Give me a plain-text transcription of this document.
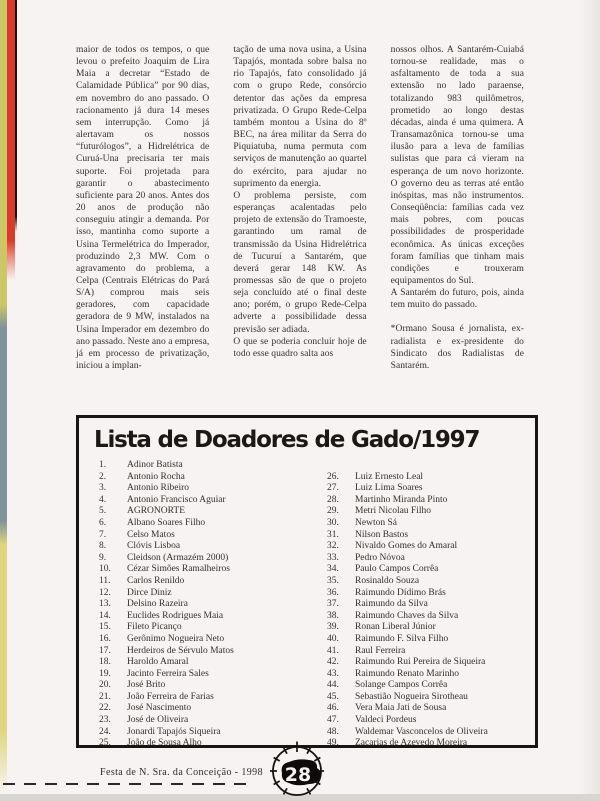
maior de todos os tempos, o que levou o prefeito Joaquim de Lira Maia a decretar “Estado de Calamidade Pública” por 90 dias, em novembro do ano passado. O racionamento já dura 14 meses sem interrupção. Como já alertavam os nossos “futurólogos”, a Hidrelétrica de Curuá-Una precisaria ter mais suporte. Foi projetada para garantir o abastecimento suficiente para 20 anos. Antes dos 20 anos de produção não conseguiu atingir a demanda. Por isso, mantinha como suporte a Usina Termelétrica do Imperador, produzindo 2,3 MW. Com o agravamento do problema, a Celpa (Centrais Elétricas do Pará S/A) comprou mais seis geradores, com capacidade geradora de 9 MW, instalados na Usina Imperador em dezembro do ano passado. Neste ano a empresa, já em processo de privatização, iniciou a implan-

tação de uma nova usina, a Usina Tapajós, montada sobre balsa no rio Tapajós, fato consolidado já com o grupo Rede, consórcio detentor das ações da empresa privatizada. O Grupo Rede-Celpa também montou a Usina do 8º BEC, na área militar da Serra do Piquiatuba, numa permuta com serviços de manutenção ao quartel do exército, para ajudar no suprimento da energia.

O problema persiste, com esperanças acalentadas pelo projeto de extensão do Tramoeste, garantindo um ramal de transmissão da Usina Hidrelétrica de Tucuruí a Santarém, que deverá gerar 148 KW. As promessas são de que o projeto seja concluído até o final deste ano; porém, o grupo Rede-Celpa adverte a possibilidade dessa previsão ser adiada.

O que se poderia concluir hoje de todo esse quadro salta aos

nossos olhos. A Santarém-Cuiabá tornou-se realidade, mas o asfaltamento de toda a sua extensão no lado paraense, totalizando 983 quilômetros, prometido ao longo destas décadas, ainda é uma quimera. A Transamazônica tornou-se uma ilusão para a leva de famílias sulistas que para cá vieram na esperança de um novo horizonte. O governo deu as terras até então inóspitas, mas não instrumentos. Conseqüência: famílias cada vez mais pobres, com poucas possibilidades de prosperidade econômica. As únicas exceções foram famílias que tinham mais condições e trouxeram equipamentos do Sul.

A Santarém do futuro, pois, ainda tem muito do passado.

*Ormano Sousa é jornalista, ex-radialista e ex-presidente do Sindicato dos Radialistas de Santarém.

Lista de Doadores de Gado/1997
1.	Adinor Batista
2.	Antonio Rocha
3.	Antonio Ribeiro
4.	Antonio Francisco Aguiar
5.	AGRONORTE
6.	Albano Soares Filho
7.	Celso Matos
8.	Clóvis Lisboa
9.	Cleidson (Armazém 2000)
10.	Cézar Simões Ramalheiros
11.	Carlos Renildo
12.	Dirce Diniz
13.	Delsino Razeira
14.	Euclides Rodrigues Maia
15.	Fileto Picanço
16.	Gerônimo Nogueira Neto
17.	Herdeiros de Sérvulo Matos
18.	Haroldo Amaral
19.	Jacinto Ferreira Sales
20.	José Brito
21.	João Ferreira de Farias
22.	José Nascimento
23.	José de Oliveira
24.	Jonardi Tapajós Siqueira
25.	João de Sousa Alho
26.	Luiz Ernesto Leal
27.	Luiz Lima Soares
28.	Martinho Miranda Pinto
29.	Metri Nicolau Filho
30.	Newton Sá
31.	Nilson Bastos
32.	Nivaldo Gomes do Amaral
33.	Pedro Nóvoa
34.	Paulo Campos Corrêa
35.	Rosinaldo Souza
36.	Raimundo Dídimo Brás
37.	Raimundo da Silva
38.	Raimundo Chaves da Silva
39.	Ronan Liberal Júnior
40.	Raimundo F. Silva Filho
41.	Raul Ferreira
42.	Raimundo Rui Pereira de Siqueira
43.	Raimundo Renato Marinho
44.	Solange Campos Corrêa
45.	Sebastião Nogueira Sirotheau
46.	Vera Maia Jati de Sousa
47.	Valdeci Pordeus
48.	Waldemar Vasconcelos de Oliveira
49.	Zacarias de Azevedo Moreira
Festa de N. Sra. da Conceição - 1998 28
